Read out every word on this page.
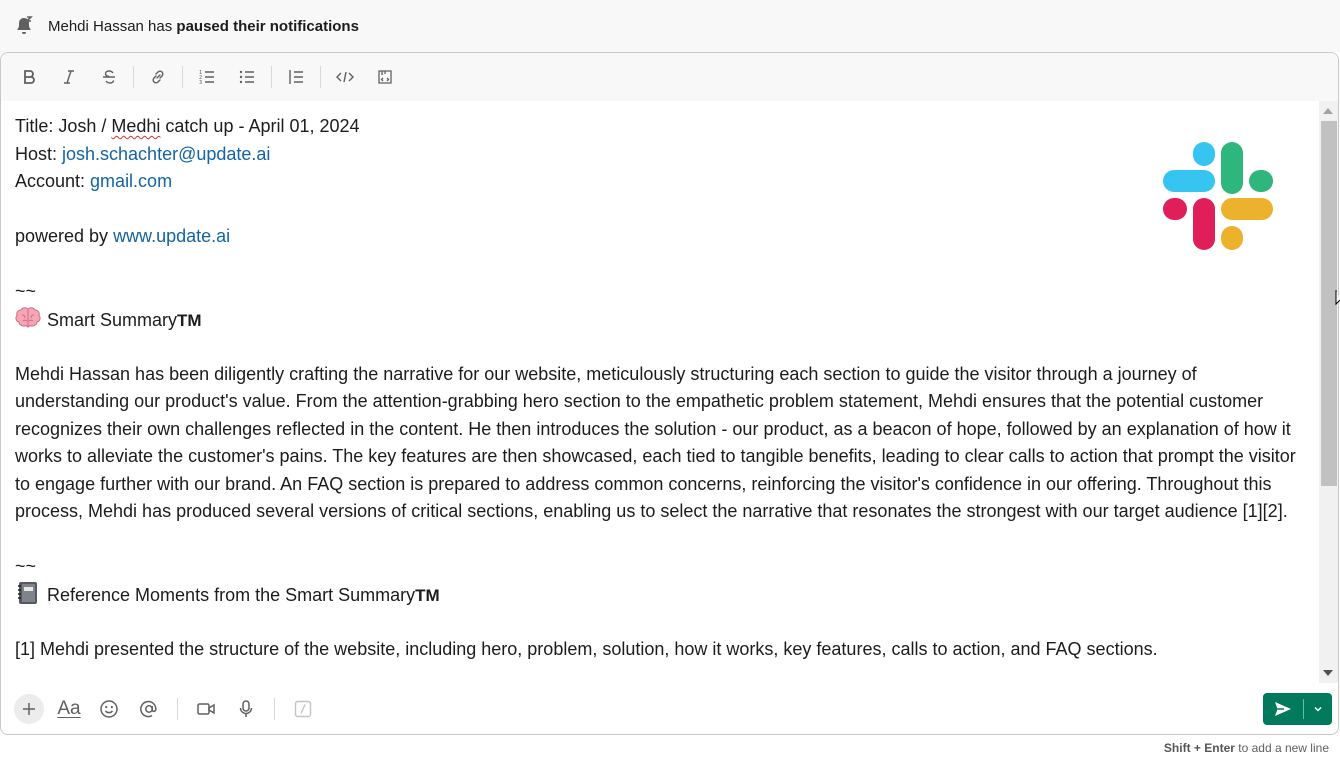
Mehdi Hassan has paused their notifications
1
2
3
Title: Josh / Medhi catch up - April 01, 2024
Host: josh.schachter@update.ai
Account: gmail.com
powered by www.update.ai
~~
Smart SummaryTM
Mehdi Hassan has been diligently crafting the narrative for our website, meticulously structuring each section to guide the visitor through a journey of understanding our product's value. From the attention-grabbing hero section to the empathetic problem statement, Mehdi ensures that the potential customer recognizes their own challenges reflected in the content. He then introduces the solution - our product, as a beacon of hope, followed by an explanation of how it works to alleviate the customer's pains. The key features are then showcased, each tied to tangible benefits, leading to clear calls to action that prompt the visitor to engage further with our brand. An FAQ section is prepared to address common concerns, reinforcing the visitor's confidence in our offering. Throughout this process, Mehdi has produced several versions of critical sections, enabling us to select the narrative that resonates the strongest with our target audience [1][2].
~~
Reference Moments from the Smart SummaryTM
[1] Mehdi presented the structure of the website, including hero, problem, solution, how it works, key features, calls to action, and FAQ sections.
Aa
Shift + Enter to add a new line
